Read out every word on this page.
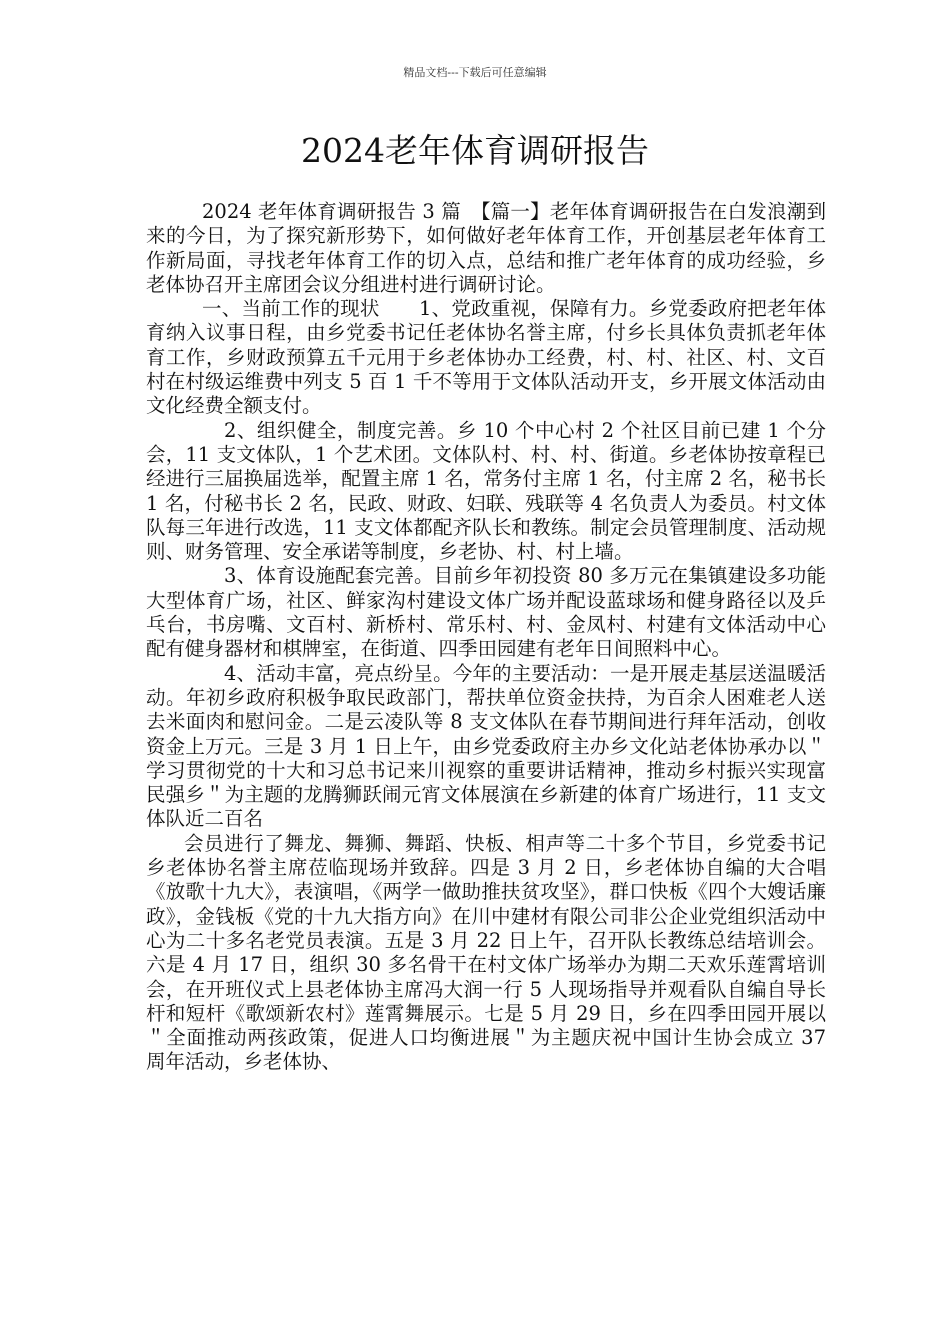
精品文档---下载后可任意编辑
2024老年体育调研报告

2024 老年体育调研报告 3 篇　【篇一】老年体育调研报告在白发浪潮到来的今日，为了探究新形势下，如何做好老年体育工作，开创基层老年体育工作新局面，寻找老年体育工作的切入点，总结和推广老年体育的成功经验，乡老体协召开主席团会议分组进村进行调研讨论。

一、当前工作的现状　　1、党政重视，保障有力。乡党委政府把老年体育纳入议事日程，由乡党委书记任老体协名誉主席，付乡长具体负责抓老年体育工作，乡财政预算五千元用于乡老体协办工经费，村、村、社区、村、文百村在村级运维费中列支 5 百 1 千不等用于文体队活动开支，乡开展文体活动由文化经费全额支付。

2、组织健全，制度完善。乡 10 个中心村 2 个社区目前已建 1 个分会，11 支文体队，1 个艺术团。文体队村、村、村、街道。乡老体协按章程已经进行三届换届选举，配置主席 1 名，常务付主席 1 名，付主席 2 名，秘书长 1 名，付秘书长 2 名，民政、财政、妇联、残联等 4 名负责人为委员。村文体队每三年进行改选，11 支文体都配齐队长和教练。制定会员管理制度、活动规则、财务管理、安全承诺等制度，乡老协、村、村上墙。

3、体育设施配套完善。目前乡年初投资 80 多万元在集镇建设多功能大型体育广场，社区、鲜家沟村建设文体广场并配设蓝球场和健身路径以及乒乓台，书房嘴、文百村、新桥村、常乐村、村、金凤村、村建有文体活动中心配有健身器材和棋牌室，在街道、四季田园建有老年日间照料中心。

4、活动丰富，亮点纷呈。今年的主要活动：一是开展走基层送温暖活动。年初乡政府积极争取民政部门，帮扶单位资金扶持，为百余人困难老人送去米面肉和慰问金。二是云凌队等 8 支文体队在春节期间进行拜年活动，创收资金上万元。三是 3 月 1 日上午，由乡党委政府主办乡文化站老体协承办以＂学习贯彻党的十大和习总书记来川视察的重要讲话精神，推动乡村振兴实现富民强乡＂为主题的龙腾狮跃闹元宵文体展演在乡新建的体育广场进行，11 支文体队近二百名

会员进行了舞龙、舞狮、舞蹈、快板、相声等二十多个节目，乡党委书记乡老体协名誉主席莅临现场并致辞。四是 3 月 2 日，乡老体协自编的大合唱《放歌十九大》，表演唱，《两学一做助推扶贫攻坚》，群口快板《四个大嫂话廉政》，金钱板《党的十九大指方向》在川中建材有限公司非公企业党组织活动中心为二十多名老党员表演。五是 3 月 22 日上午，召开队长教练总结培训会。六是 4 月 17 日，组织 30 多名骨干在村文体广场举办为期二天欢乐莲霄培训会，在开班仪式上县老体协主席冯大润一行 5 人现场指导并观看队自编自导长杆和短杆《歌颂新农村》莲霄舞展示。七是 5 月 29 日，乡在四季田园开展以＂全面推动两孩政策，促进人口均衡进展＂为主题庆祝中国计生协会成立 37 周年活动，乡老体协、
